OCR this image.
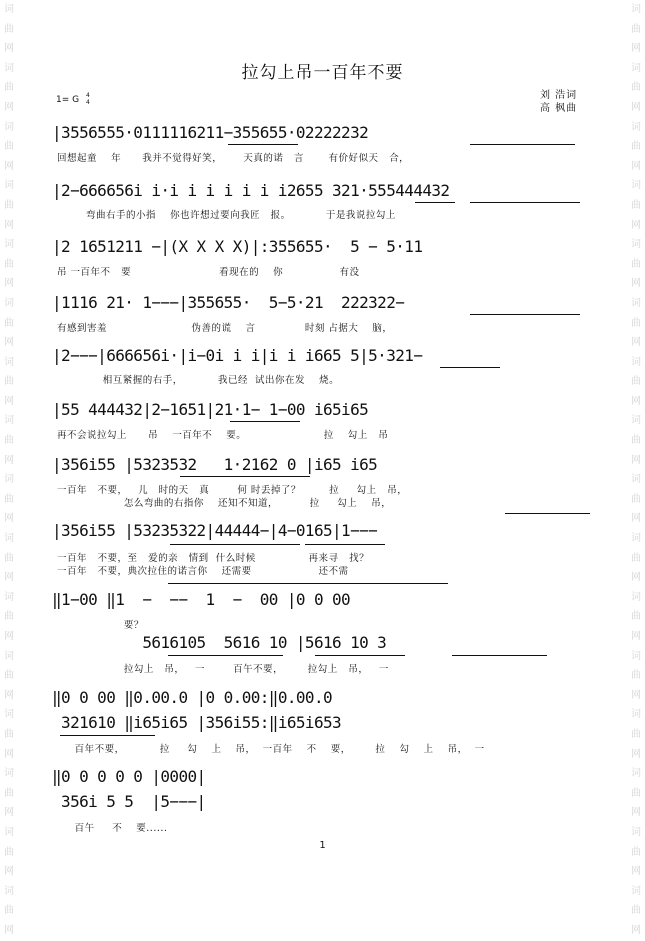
词曲网词曲网词曲网词曲网词曲网词曲网词曲网词曲网词曲网词曲网词曲网词曲网词曲网词曲网词曲网词曲网
词曲网词曲网词曲网词曲网词曲网词曲网词曲网词曲网词曲网词曲网词曲网词曲网词曲网词曲网词曲网词曲网
拉勾上吊一百年不要
刘 浩词
高 枫曲
1= G 4
4
|3556555·0111116211−355655·02222232
回想起童    年      我并不觉得好笑，      天真的诺   言       有价好似天   合，
|2−666656i i·i i i i i i i2655 321·555444432
弯曲右手的小指    你也许想过要向我匠   报。          于是我说拉勾上
|2 1651211 −|(X X X X)|:355655·  5 − 5·11
吊 一百年不   要                         看现在的    你                有没
|1116 21· 1−−−|355655·  5−5·21  222322−
有感到害羞                        伪善的谎    言              时刻 占据大    脑，
|2−−−|666656i·|i−0i i i|i i i665 5|5·321−
相互紧握的右手，          我已经  试出你在发    烧。
|55 444432|2−1651|21·1− 1−00 i65i65
再不会说拉勾上      吊    一百年不    要。                      拉    勾上   吊
|356i55 |5323532   1·2162 0 |i65 i65
一百年   不要，   儿   时的天   真        何 时丢掉了？        拉     勾上   吊，
怎么弯曲的右指你    还知不知道，         拉     勾上    吊，
|356i55 |53235322|44444−|4−0165|1−−−
一百年   不要，至   爱的亲   情到  什么时候               再来寻   找？
一百年   不要，典次拉住的诺言你    还需要                   还不需
‖1−00 ‖1  −  −−  1  −  00 |0 0 00
要？
5616105  5616 10 |5616 10 3
拉勾上   吊，   一        百午不要，       拉勾上   吊，   一
‖0 0 00 ‖0.00.0 |0 0.00:‖0.00.0
321610 ‖i65i65 |356i55:‖i65i653
百年不要，          拉     勾    上    吊，  一百年    不    要，       拉    勾    上    吊，  一
‖0 0 0 0 0 |0000|
356i 5 5  |5−−−|
百午     不    要......
1
